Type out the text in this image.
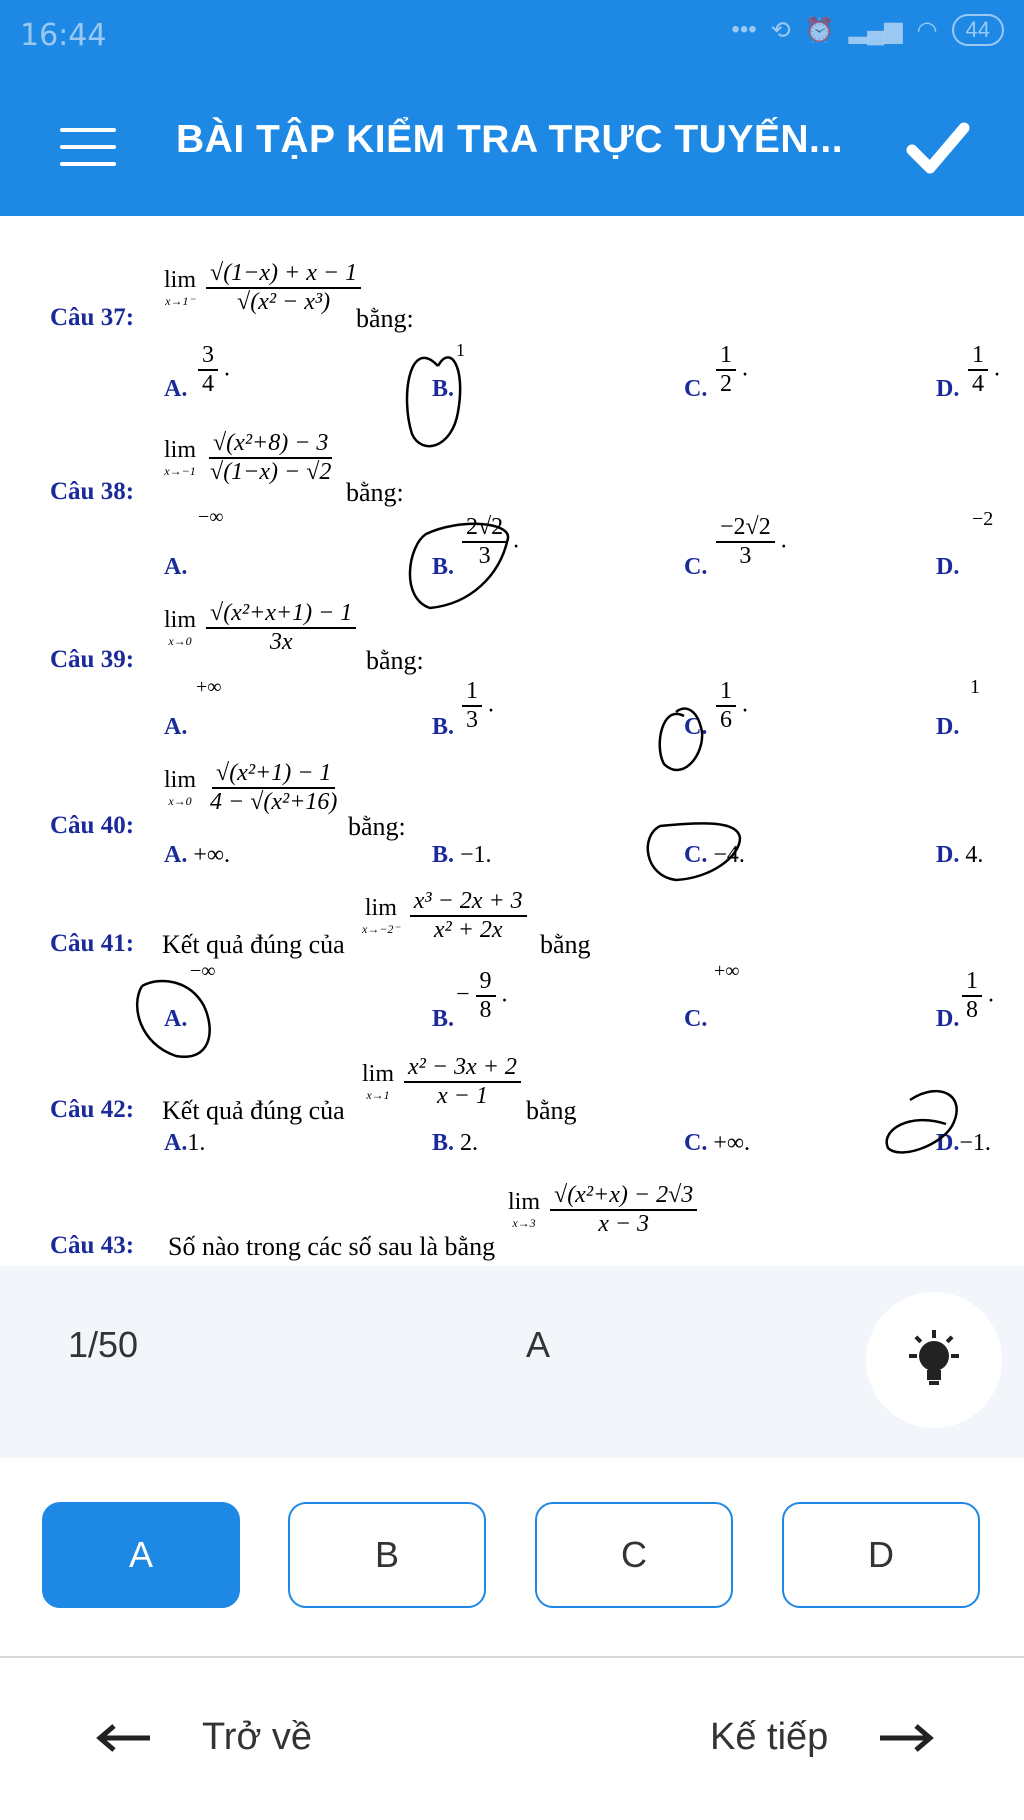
16:44	••• ⟲ ⏰ ▂▄▆ ◠	44
BÀI TẬP KIỂM TRA TRỰC TUYẾN...
Câu 37:
lim
x→1⁻
$\frac{√(1-x) + x - 1}{\text{√(x² − x³)}}$
bằng:
A. $\frac{3}{4}$ .
B.
1
C. $\frac{1}{2}$ .
D. $\frac{1}{4}$ .
Câu 38:
lim
x→−1
$\frac{\text{√(x²+8) − 3}}{√(1-x) - √2}$
bằng:
−∞
A.	B. $\frac{2√2}{3}$ .
C. $\frac{-2√2}{3}$ .
D.
−2
Câu 39:
lim
x→0
$\frac{\text{√(x²+x+1) − 1}}{3x}$
bằng:
+∞
A.	B. $\frac{1}{3}$ .
C. $\frac{1}{6}$ .
D.
1
Câu 40:
lim
x→0
$\frac{\text{√(x²+1) − 1}}{\text{4 − √(x²+16)}}$
bằng:
A. +∞.	B. −1.	C. −4.	D. 4.
Câu 41: Kết quả đúng của
lim
x→−2⁻
$\frac{\text{x³ − 2x + 3}}{\text{x² + 2x}}$
bằng
−∞
A.	B.
− $\frac{9}{8}$ .
C.
+∞
D. $\frac{1}{8}$ .
Câu 42: Kết quả đúng của
lim
x→1
$\frac{\text{x² − 3x + 2}}{x - 1}$
bằng
A.1.	B. 2.	C. +∞.	D.−1.
Câu 43: Số nào trong các số sau là bằng
lim
x→3
$\frac{\text{√(x²+x) − 2√3}}{x - 3}$
1/50	A
A	B	C	D
Trở về	Kế tiếp
